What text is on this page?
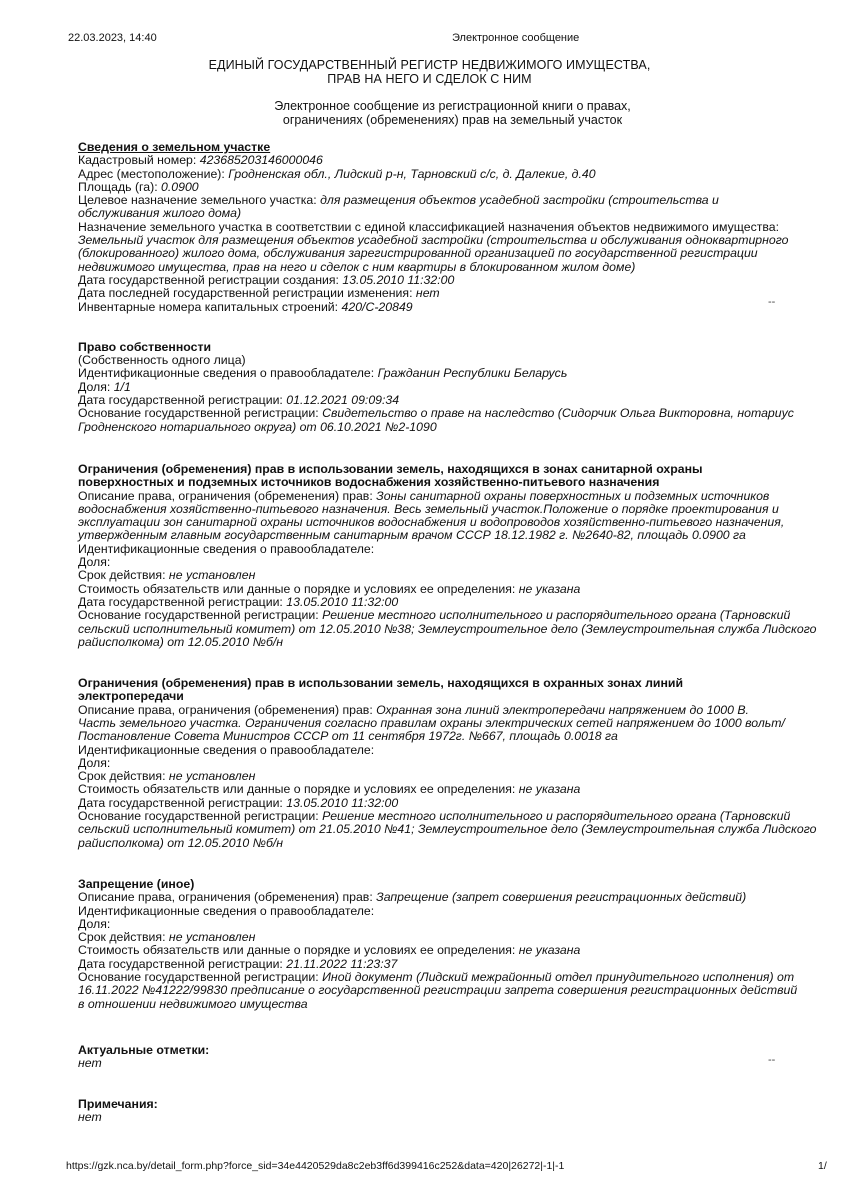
22.03.2023, 14:40	Электронное сообщение
ЕДИНЫЙ ГОСУДАРСТВЕННЫЙ РЕГИСТР НЕДВИЖИМОГО ИМУЩЕСТВА,
ПРАВ НА НЕГО И СДЕЛОК С НИМ
Электронное сообщение из регистрационной книги о правах,
ограничениях (обременениях) прав на земельный участок
Сведения о земельном участке
Кадастровый номер: 423685203146000046
Адрес (местоположение): Гродненская обл., Лидский р-н, Тарновский с/с, д. Далекие, д.40
Площадь (га): 0.0900
Целевое назначение земельного участка: для размещения объектов усадебной застройки (строительства и
обслуживания жилого дома)
Назначение земельного участка в соответствии с единой классификацией назначения объектов недвижимого имущества:
Земельный участок для размещения объектов усадебной застройки (строительства и обслуживания одноквартирного
(блокированного) жилого дома, обслуживания зарегистрированной организацией по государственной регистрации
недвижимого имущества, прав на него и сделок с ним квартиры в блокированном жилом доме)
Дата государственной регистрации создания: 13.05.2010 11:32:00
Дата последней государственной регистрации изменения: нет
Инвентарные номера капитальных строений: 420/С-20849
Право собственности
(Собственность одного лица)
Идентификационные сведения о правообладателе: Гражданин Республики Беларусь
Доля: 1/1
Дата государственной регистрации: 01.12.2021 09:09:34
Основание государственной регистрации: Свидетельство о праве на наследство (Сидорчик Ольга Викторовна, нотариус
Гродненского нотариального округа) от 06.10.2021 №2-1090
Ограничения (обременения) прав в использовании земель, находящихся в зонах санитарной охраны
поверхностных и подземных источников водоснабжения хозяйственно-питьевого назначения
Описание права, ограничения (обременения) прав: Зоны санитарной охраны поверхностных и подземных источников
водоснабжения хозяйственно-питьевого назначения. Весь земельный участок.Положение о порядке проектирования и
эксплуатации зон санитарной охраны источников водоснабжения и водопроводов хозяйственно-питьевого назначения,
утвержденным главным государственным санитарным врачом СССР 18.12.1982 г. №2640-82, площадь 0.0900 га
Идентификационные сведения о правообладателе:
Доля:
Срок действия: не установлен
Стоимость обязательств или данные о порядке и условиях ее определения: не указана
Дата государственной регистрации: 13.05.2010 11:32:00
Основание государственной регистрации: Решение местного исполнительного и распорядительного органа (Тарновский
сельский исполнительный комитет) от 12.05.2010 №38; Землеустроительное дело (Землеустроительная служба Лидского
райисполкома) от 12.05.2010 №б/н
Ограничения (обременения) прав в использовании земель, находящихся в охранных зонах линий
электропередачи
Описание права, ограничения (обременения) прав: Охранная зона линий электропередачи напряжением до 1000 В.
Часть земельного участка. Ограничения согласно правилам охраны электрических сетей напряжением до 1000 вольт/
Постановление Совета Министров СССР от 11 сентября 1972г. №667, площадь 0.0018 га
Идентификационные сведения о правообладателе:
Доля:
Срок действия: не установлен
Стоимость обязательств или данные о порядке и условиях ее определения: не указана
Дата государственной регистрации: 13.05.2010 11:32:00
Основание государственной регистрации: Решение местного исполнительного и распорядительного органа (Тарновский
сельский исполнительный комитет) от 21.05.2010 №41; Землеустроительное дело (Землеустроительная служба Лидского
райисполкома) от 12.05.2010 №б/н
Запрещение (иное)
Описание права, ограничения (обременения) прав: Запрещение (запрет совершения регистрационных действий)
Идентификационные сведения о правообладателе:
Доля:
Срок действия: не установлен
Стоимость обязательств или данные о порядке и условиях ее определения: не указана
Дата государственной регистрации: 21.11.2022 11:23:37
Основание государственной регистрации: Иной документ (Лидский межрайонный отдел принудительного исполнения) от
16.11.2022 №41222/99830 предписание о государственной регистрации запрета совершения регистрационных действий
в отношении недвижимого имущества
Актуальные отметки:
нет
Примечания:
нет
--
--
https://gzk.nca.by/detail_form.php?force_sid=34e4420529da8c2eb3ff6d399416c252&data=420|26272|-1|-1	1/
